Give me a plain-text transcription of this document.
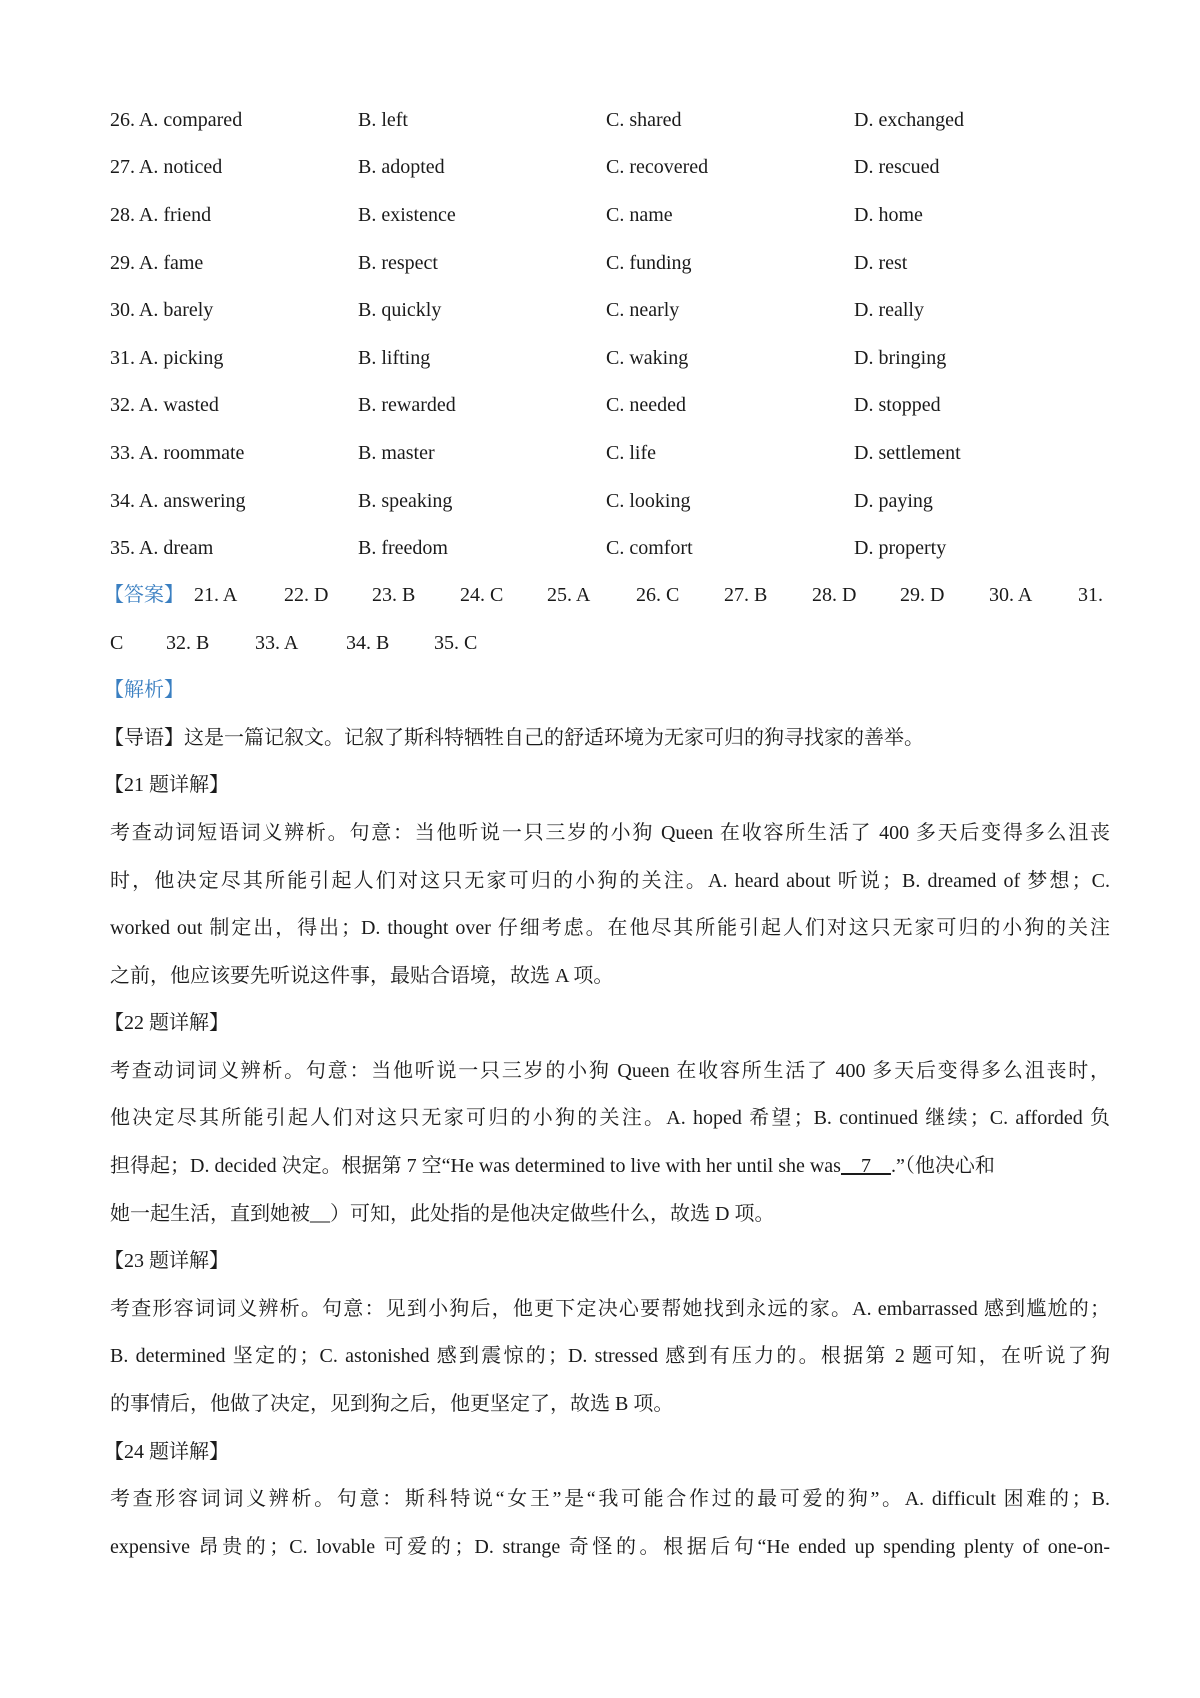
26. A. compared	B. left	C. shared	D. exchanged
27. A. noticed	B. adopted	C. recovered	D. rescued
28. A. friend	B. existence	C. name	D. home
29. A. fame	B. respect	C. funding	D. rest
30. A. barely	B. quickly	C. nearly	D. really
31. A. picking	B. lifting	C. waking	D. bringing
32. A. wasted	B. rewarded	C. needed	D. stopped
33. A. roommate	B. master	C. life	D. settlement
34. A. answering	B. speaking	C. looking	D. paying
35. A. dream	B. freedom	C. comfort	D. property
【答案】 21. A 22. D 23. B 24. C 25. A 26. C 27. B 28. D 29. D 30. A 31.
C 32. B 33. A 34. B 35. C
【解析】
【导语】这是一篇记叙文。记叙了斯科特牺牲自己的舒适环境为无家可归的狗寻找家的善举。
【21 题详解】
考查动词短语词义辨析。句意：当他听说一只三岁的小狗 Queen 在收容所生活了 400 多天后变得多么沮丧
时，他决定尽其所能引起人们对这只无家可归的小狗的关注。A. heard about 听说；B. dreamed of 梦想；C.
worked out 制定出，得出；D. thought over 仔细考虑。在他尽其所能引起人们对这只无家可归的小狗的关注
之前，他应该要先听说这件事，最贴合语境，故选 A 项。
【22 题详解】
考查动词词义辨析。句意：当他听说一只三岁的小狗 Queen 在收容所生活了 400 多天后变得多么沮丧时，
他决定尽其所能引起人们对这只无家可归的小狗的关注。A. hoped 希望；B. continued 继续；C. afforded 负
担得起；D. decided 决定。根据第 7 空“He was determined to live with her until she was    7    .”（他决心和
她一起生活，直到她被__）可知，此处指的是他决定做些什么，故选 D 项。
【23 题详解】
考查形容词词义辨析。句意：见到小狗后，他更下定决心要帮她找到永远的家。A. embarrassed 感到尴尬的；
B. determined 坚定的；C. astonished 感到震惊的；D. stressed 感到有压力的。根据第 2 题可知，在听说了狗
的事情后，他做了决定，见到狗之后，他更坚定了，故选 B 项。
【24 题详解】
考查形容词词义辨析。句意：斯科特说“女王”是“我可能合作过的最可爱的狗”。A. difficult 困难的；B.
expensive 昂贵的；C. lovable 可爱的；D. strange 奇怪的。根据后句“He ended up spending plenty of one-on-
